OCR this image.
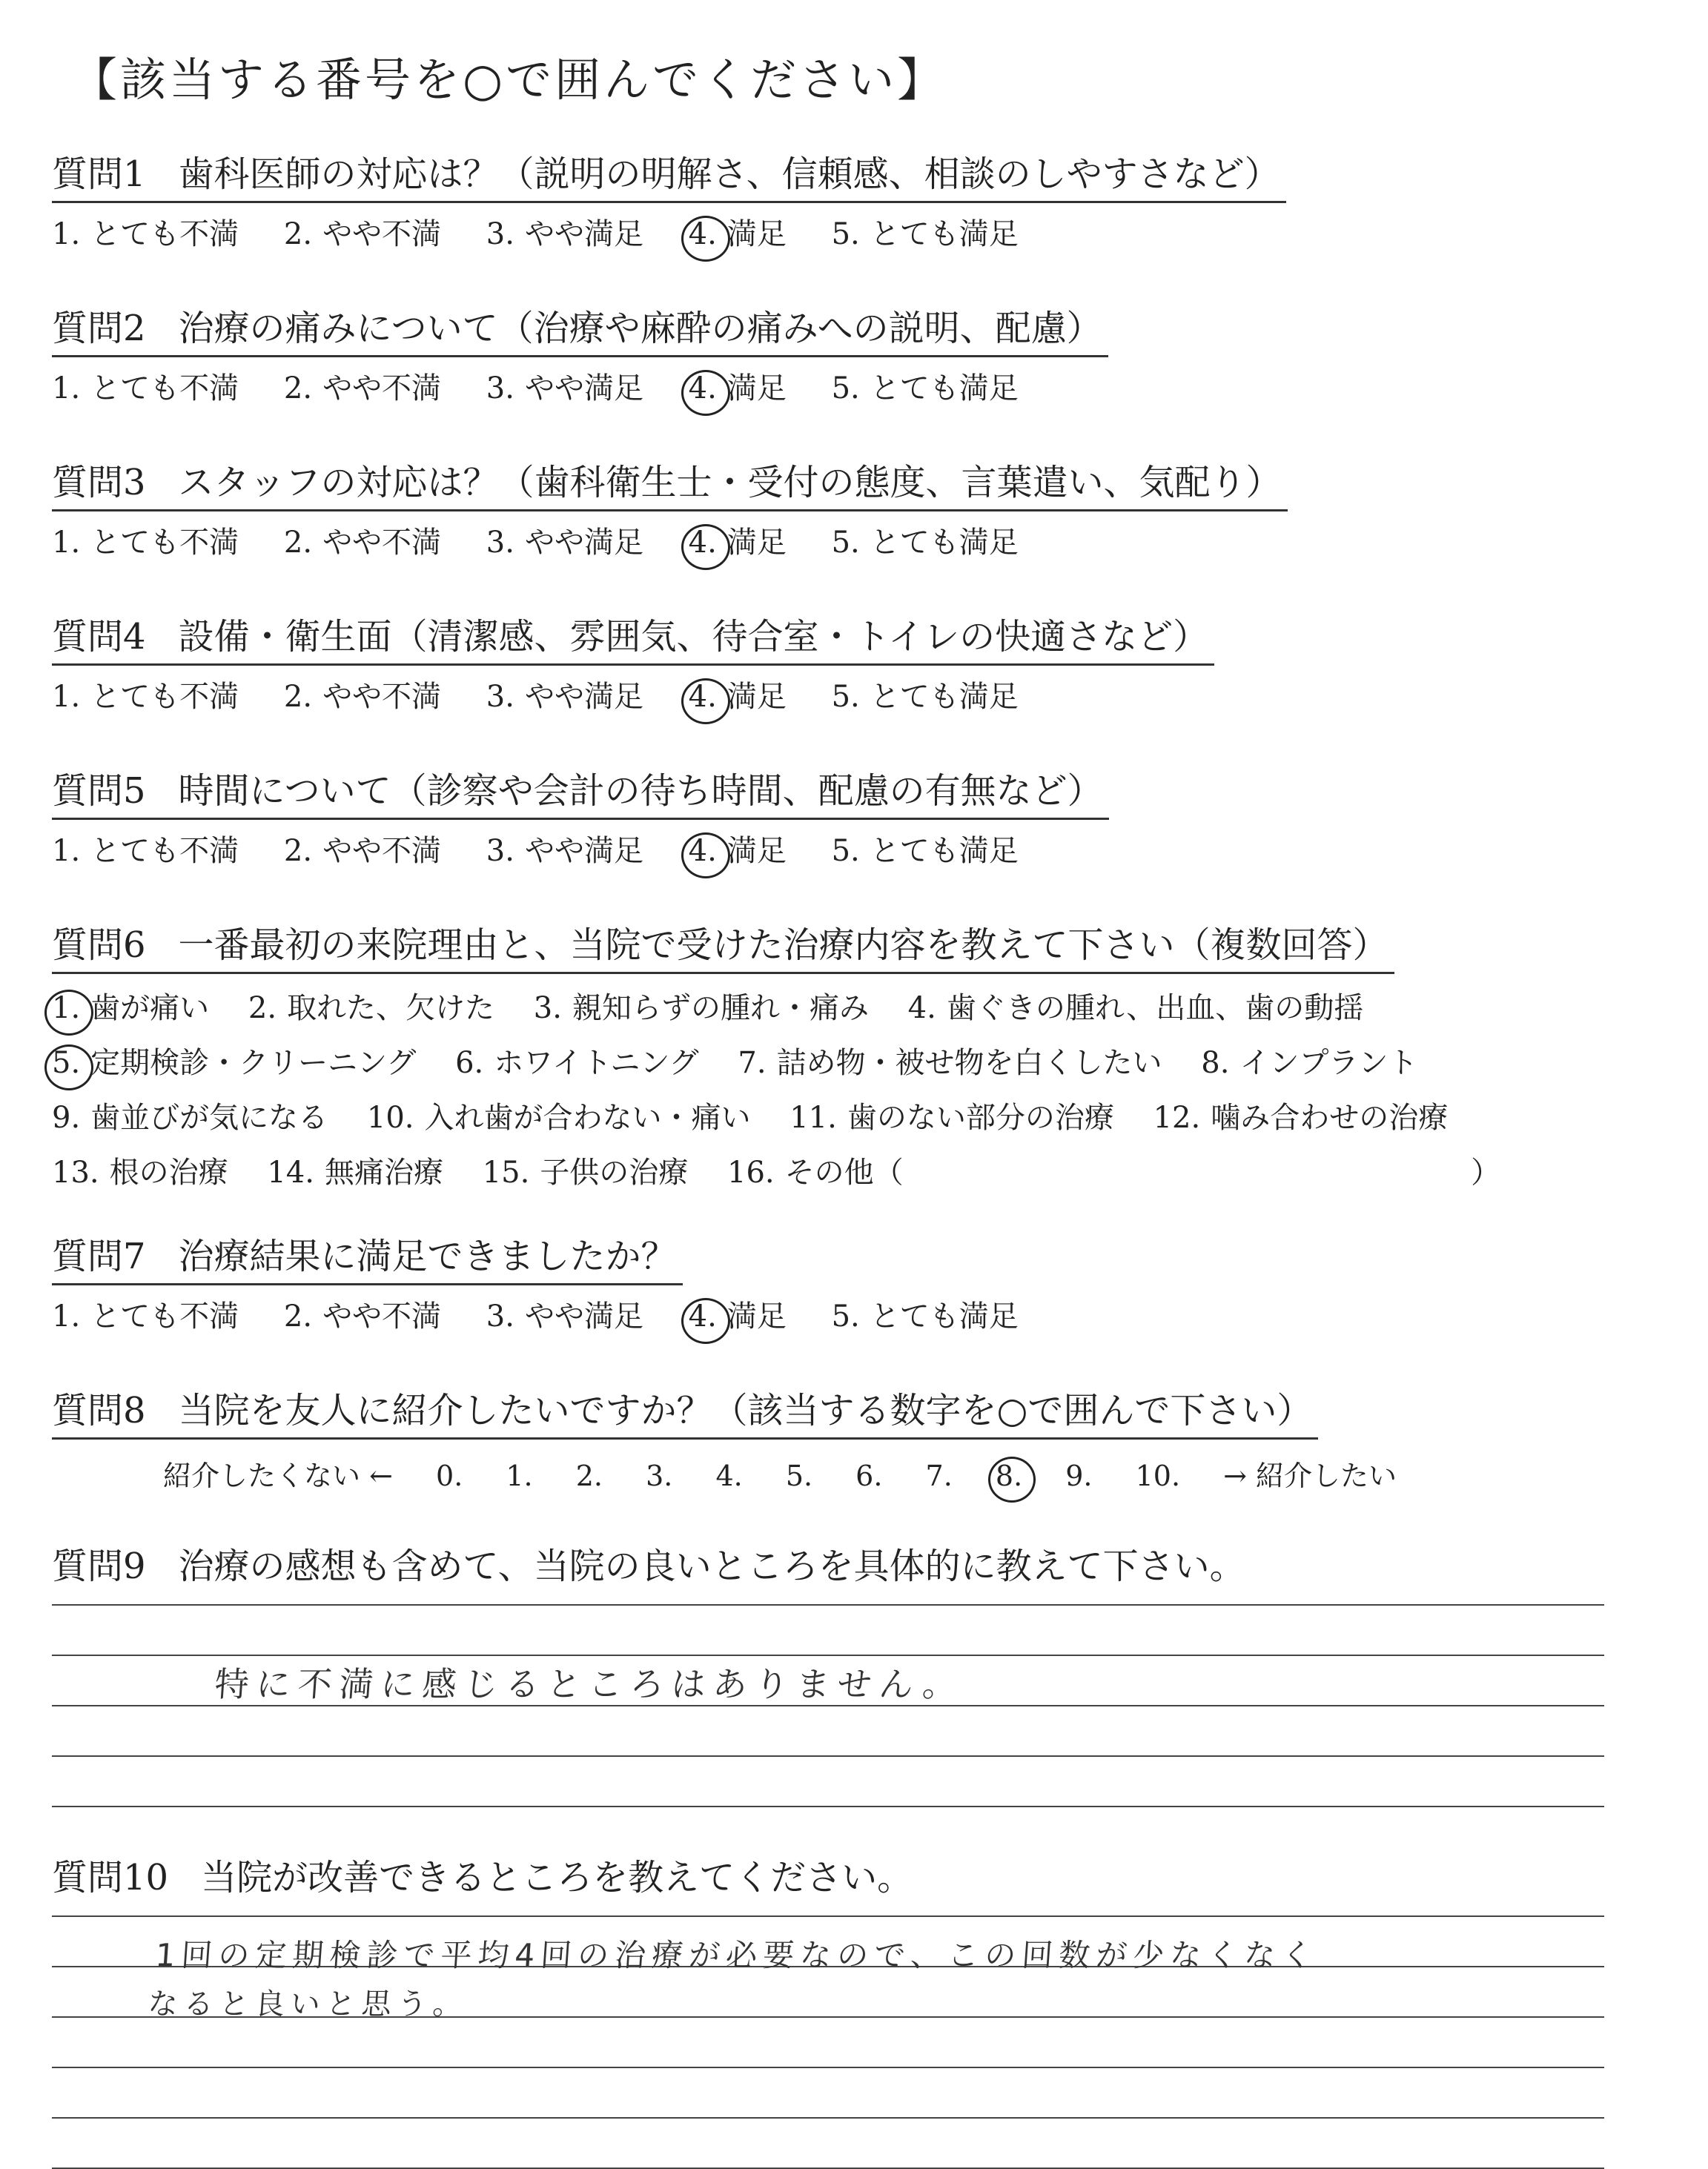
【該当する番号を○で囲んでください】
質問1 歯科医師の対応は？（説明の明解さ、信頼感、相談のしやすさなど）
1. とても不満 2. やや不満 3. やや満足 4. 満足 5. とても満足
質問2 治療の痛みについて（治療や麻酔の痛みへの説明、配慮）
1. とても不満 2. やや不満 3. やや満足 4. 満足 5. とても満足
質問3 スタッフの対応は？（歯科衛生士・受付の態度、言葉遣い、気配り）
1. とても不満 2. やや不満 3. やや満足 4. 満足 5. とても満足
質問4 設備・衛生面（清潔感、雰囲気、待合室・トイレの快適さなど）
1. とても不満 2. やや不満 3. やや満足 4. 満足 5. とても満足
質問5 時間について（診察や会計の待ち時間、配慮の有無など）
1. とても不満 2. やや不満 3. やや満足 4. 満足 5. とても満足
質問6 一番最初の来院理由と、当院で受けた治療内容を教えて下さい（複数回答）
1. 歯が痛い 2. 取れた、欠けた 3. 親知らずの腫れ・痛み 4. 歯ぐきの腫れ、出血、歯の動揺
5. 定期検診・クリーニング 6. ホワイトニング 7. 詰め物・被せ物を白くしたい 8. インプラント
9. 歯並びが気になる 10. 入れ歯が合わない・痛い 11. 歯のない部分の治療 12. 噛み合わせの治療
13. 根の治療 14. 無痛治療 15. 子供の治療 16. その他（	）
質問7 治療結果に満足できましたか？
1. とても不満 2. やや不満 3. やや満足 4. 満足 5. とても満足
質問8 当院を友人に紹介したいですか？（該当する数字を○で囲んで下さい）
紹介したくない ← 0. 1. 2. 3. 4. 5. 6. 7. 8. 9. 10. → 紹介したい
質問9 治療の感想も含めて、当院の良いところを具体的に教えて下さい。
特に不満に感じるところはありません。
質問10 当院が改善できるところを教えてください。
1回の定期検診で平均4回の治療が必要なので、この回数が少なくなく
なると良いと思う。
